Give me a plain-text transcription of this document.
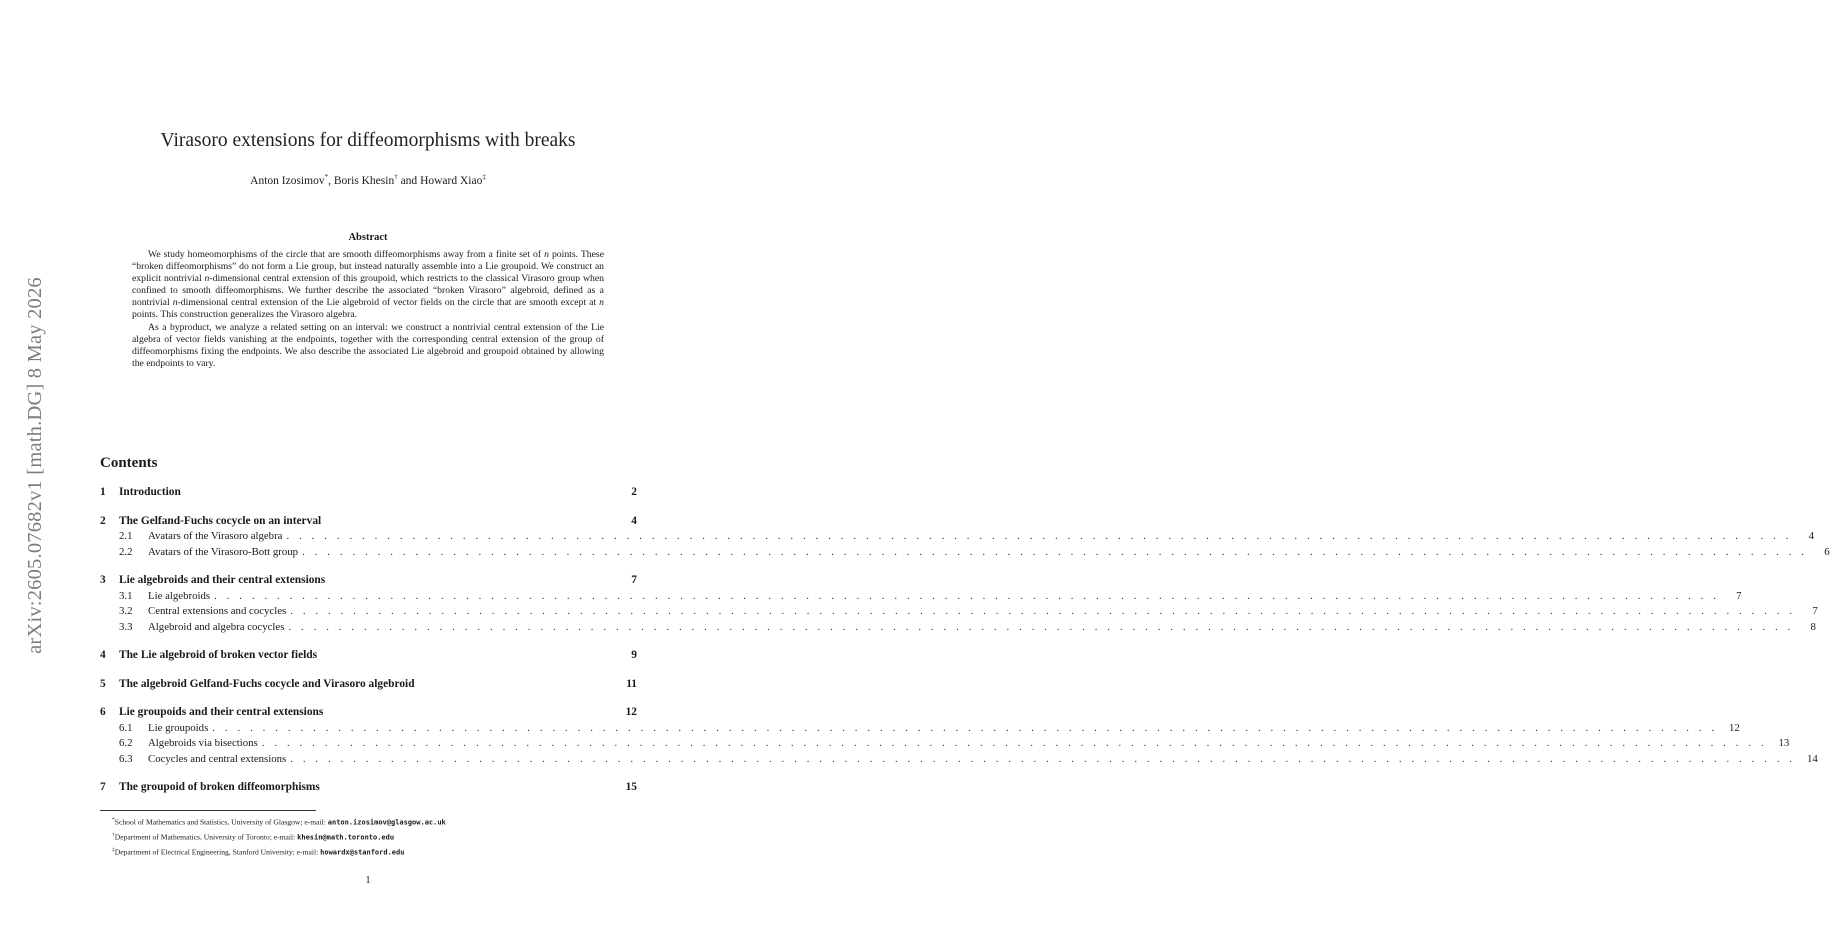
arXiv:2605.07682v1 [math.DG] 8 May 2026
Virasoro extensions for diffeomorphisms with breaks
Anton Izosimov*, Boris Khesin† and Howard Xiao‡
Abstract

We study homeomorphisms of the circle that are smooth diffeomorphisms away from a finite set of n points. These “broken diffeomorphisms” do not form a Lie group, but instead naturally assemble into a Lie groupoid. We construct an explicit nontrivial n-dimensional central extension of this groupoid, which restricts to the classical Virasoro group when confined to smooth diffeomorphisms. We further describe the associated “broken Virasoro” algebroid, defined as a nontrivial n-dimensional central extension of the Lie algebroid of vector fields on the circle that are smooth except at n points. This construction generalizes the Virasoro algebra.

As a byproduct, we analyze a related setting on an interval: we construct a nontrivial central extension of the Lie algebra of vector fields vanishing at the endpoints, together with the corresponding central extension of the group of diffeomorphisms fixing the endpoints. We also describe the associated Lie algebroid and groupoid obtained by allowing the endpoints to vary.

Contents
1	Introduction	2
2	The Gelfand-Fuchs cocycle on an interval	4
2.1	Avatars of the Virasoro algebra . . . . . . . . . . . . . . . . . . . . . . . . . . . . . . . . . . . . . . . . . . . . . . . . . . . . . . . . . . . . . . . . . . . . . . . . . . . . . . . . . . . . . . . . . . . . . . . . . . . . . . . . . . . . . . . . . . . . . . . .	4
2.2	Avatars of the Virasoro-Bott group . . . . . . . . . . . . . . . . . . . . . . . . . . . . . . . . . . . . . . . . . . . . . . . . . . . . . . . . . . . . . . . . . . . . . . . . . . . . . . . . . . . . . . . . . . . . . . . . . . . . . . . . . . . . . . . . . . . . . . . .	6
3	Lie algebroids and their central extensions	7
3.1	Lie algebroids . . . . . . . . . . . . . . . . . . . . . . . . . . . . . . . . . . . . . . . . . . . . . . . . . . . . . . . . . . . . . . . . . . . . . . . . . . . . . . . . . . . . . . . . . . . . . . . . . . . . . . . . . . . . . . . . . . . . . . . .	7
3.2	Central extensions and cocycles . . . . . . . . . . . . . . . . . . . . . . . . . . . . . . . . . . . . . . . . . . . . . . . . . . . . . . . . . . . . . . . . . . . . . . . . . . . . . . . . . . . . . . . . . . . . . . . . . . . . . . . . . . . . . . . . . . . . . . . .	7
3.3	Algebroid and algebra cocycles . . . . . . . . . . . . . . . . . . . . . . . . . . . . . . . . . . . . . . . . . . . . . . . . . . . . . . . . . . . . . . . . . . . . . . . . . . . . . . . . . . . . . . . . . . . . . . . . . . . . . . . . . . . . . . . . . . . . . . . .	8
4	The Lie algebroid of broken vector fields	9
5	The algebroid Gelfand-Fuchs cocycle and Virasoro algebroid	11
6	Lie groupoids and their central extensions	12
6.1	Lie groupoids . . . . . . . . . . . . . . . . . . . . . . . . . . . . . . . . . . . . . . . . . . . . . . . . . . . . . . . . . . . . . . . . . . . . . . . . . . . . . . . . . . . . . . . . . . . . . . . . . . . . . . . . . . . . . . . . . . . . . . . .	12
6.2	Algebroids via bisections . . . . . . . . . . . . . . . . . . . . . . . . . . . . . . . . . . . . . . . . . . . . . . . . . . . . . . . . . . . . . . . . . . . . . . . . . . . . . . . . . . . . . . . . . . . . . . . . . . . . . . . . . . . . . . . . . . . . . . . .	13
6.3	Cocycles and central extensions . . . . . . . . . . . . . . . . . . . . . . . . . . . . . . . . . . . . . . . . . . . . . . . . . . . . . . . . . . . . . . . . . . . . . . . . . . . . . . . . . . . . . . . . . . . . . . . . . . . . . . . . . . . . . . . . . . . . . . . .	14
7	The groupoid of broken diffeomorphisms	15
*School of Mathematics and Statistics, University of Glasgow; e-mail: anton.izosimov@glasgow.ac.uk
†Department of Mathematics, University of Toronto; e-mail: khesin@math.toronto.edu
‡Department of Electrical Engineering, Stanford University; e-mail: howardx@stanford.edu
1
